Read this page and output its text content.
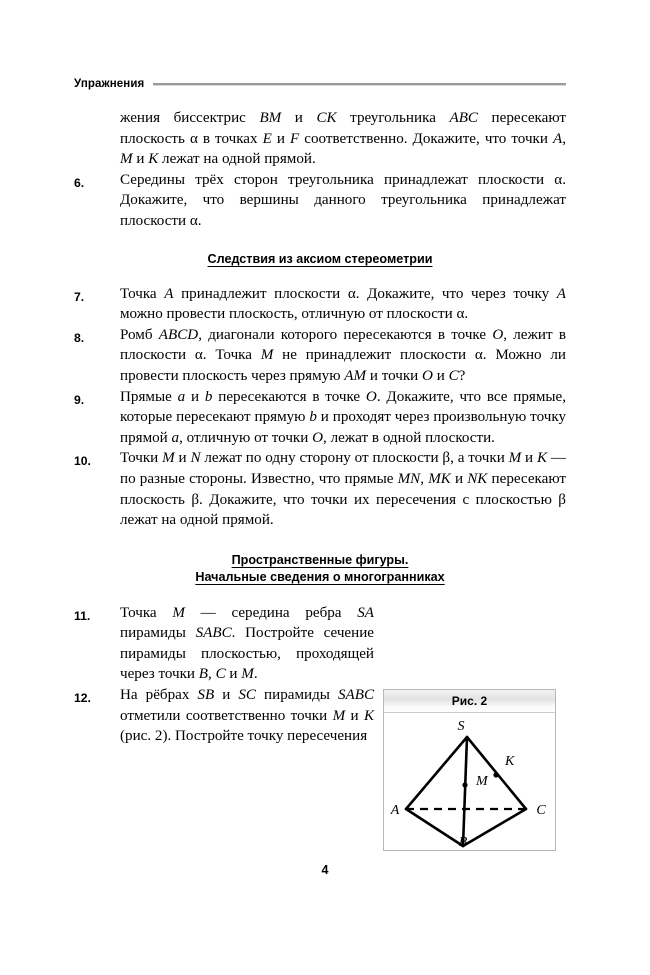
Упражнения
жения биссектрис BM и CK треугольника ABC пересекают плоскость α в точках E и F соответственно. Докажите, что точки A, M и K лежат на одной прямой.
6.	Середины трёх сторон треугольника принадлежат плоскости α. Докажите, что вершины данного треугольника принадлежат плоскости α.
Следствия из аксиом стереометрии
7.	Точка A принадлежит плоскости α. Докажите, что через точку A можно провести плоскость, отличную от плоскости α.
8.	Ромб ABCD, диагонали которого пересекаются в точке O, лежит в плоскости α. Точка M не принадлежит плоскости α. Можно ли провести плоскость через прямую AM и точки O и C?
9.	Прямые a и b пересекаются в точке O. Докажите, что все прямые, которые пересекают прямую b и проходят через произвольную точку прямой a, отличную от точки O, лежат в одной плоскости.
10.	Точки M и N лежат по одну сторону от плоскости β, а точки M и K — по разные стороны. Известно, что прямые MN, MK и NK пересекают плоскость β. Докажите, что точки их пересечения с плоскостью β лежат на одной прямой.
Пространственные фигуры.
Начальные сведения о многогранниках
11.	Точка M — середина ребра SA пирамиды SABC. Постройте сечение пирамиды плоскостью, проходящей через точки B, C и M.
12.	На рёбрах SB и SC пирамиды SABC отметили соответственно точки M и K (рис. 2). Постройте точку пересечения
Рис. 2
S
A
B
C
M
K
4
